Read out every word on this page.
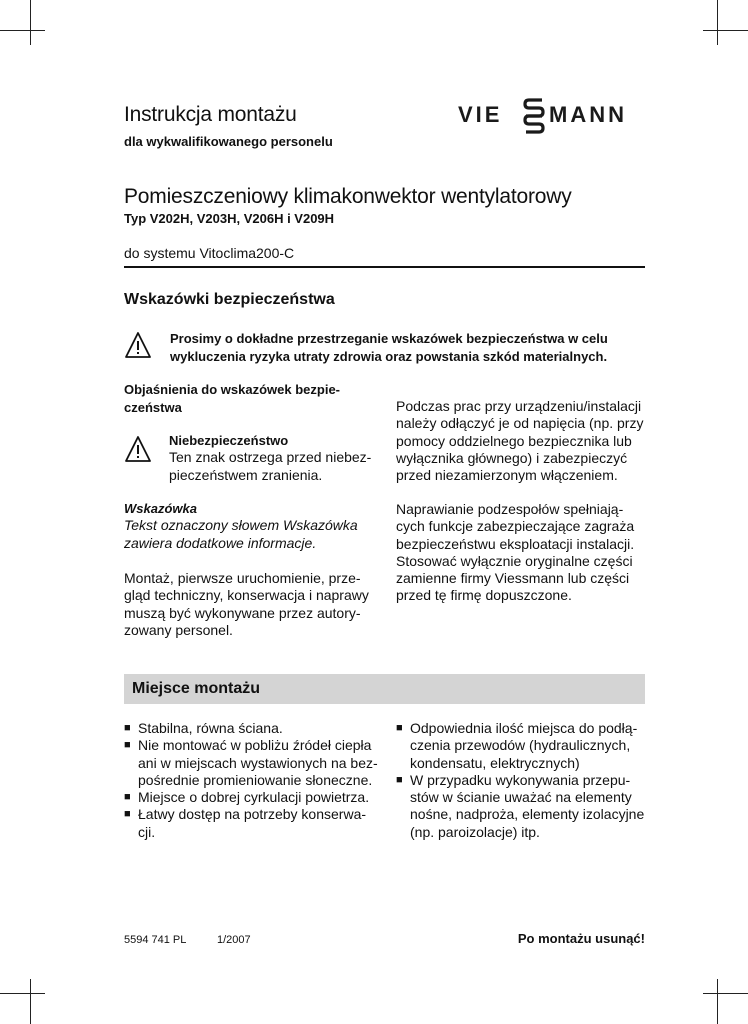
Instrukcja montażu
dla wykwalifikowanego personelu
VIE MANN
Pomieszczeniowy klimakonwektor wentylatorowy
Typ V202H, V203H, V206H i V209H
do systemu Vitoclima200-C
Wskazówki bezpieczeństwa
Prosimy o dokładne przestrzeganie wskazówek bezpieczeństwa w celu
wykluczenia ryzyka utraty zdrowia oraz powstania szkód materialnych.
Objaśnienia do wskazówek bezpie-
czeństwa
Niebezpieczeństwo
Ten znak ostrzega przed niebez-
pieczeństwem zranienia.
Wskazówka
Tekst oznaczony słowem Wskazówka
zawiera dodatkowe informacje.
Montaż, pierwsze uruchomienie, prze-
gląd techniczny, konserwacja i naprawy
muszą być wykonywane przez autory-
zowany personel.
Podczas prac przy urządzeniu/instalacji
należy odłączyć je od napięcia (np. przy
pomocy oddzielnego bezpiecznika lub
wyłącznika głównego) i zabezpieczyć
przed niezamierzonym włączeniem.
Naprawianie podzespołów spełniają-
cych funkcje zabezpieczające zagraża
bezpieczeństwu eksploatacji instalacji.
Stosować wyłącznie oryginalne części
zamienne firmy Viessmann lub części
przed tę firmę dopuszczone.
Miejsce montażu
■ Stabilna, równa ściana.
■ Nie montować w pobliżu źródeł ciepła
ani w miejscach wystawionych na bez-
pośrednie promieniowanie słoneczne.
■ Miejsce o dobrej cyrkulacji powietrza.
■ Łatwy dostęp na potrzeby konserwa-
cji.
■ Odpowiednia ilość miejsca do podłą-
czenia przewodów (hydraulicznych,
kondensatu, elektrycznych)
■ W przypadku wykonywania przepu-
stów w ścianie uważać na elementy
nośne, nadproża, elementy izolacyjne
(np. paroizolacje) itp.
5594 741 PL	1/2007	Po montażu usunąć!
